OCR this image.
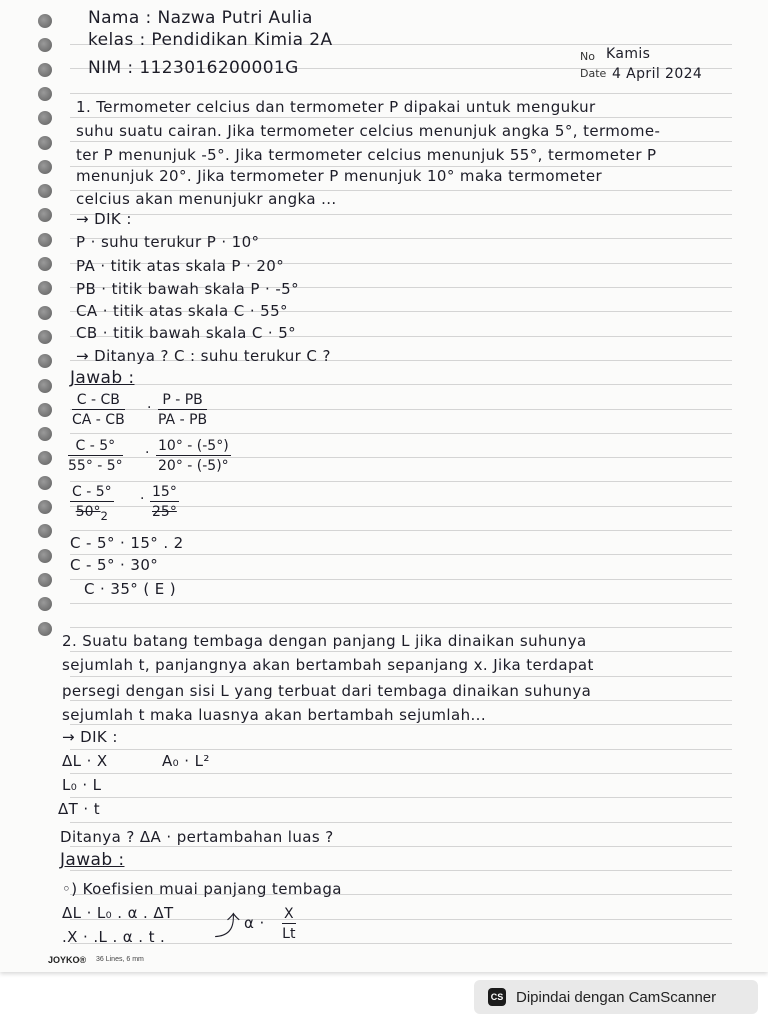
Nama : Nazwa Putri Aulia
kelas : Pendidikan Kimia 2A
NIM : 1123016200001G
No Kamis
Date 4 April 2024
1. Termometer celcius dan termometer P dipakai untuk mengukur
suhu suatu cairan. Jika termometer celcius menunjuk angka 5°, termome-
ter P menunjuk -5°. Jika termometer celcius menunjuk 55°, termometer P
menunjuk 20°. Jika termometer P menunjuk 10° maka termometer
celcius akan menunjukr angka ...
→ DIK :
P · suhu terukur P · 10°
PA · titik atas skala P · 20°
PB · titik bawah skala P · -5°
CA · titik atas skala C · 55°
CB · titik bawah skala C · 5°
→ Ditanya ? C : suhu terukur C ?
Jawab :
$\frac{C - CB}{CA - CB} \cdot \frac{P - PB}{PA - PB}$
$\frac{C - 5^\circ}{55^\circ - 5^\circ} \cdot \frac{10^\circ - (-5^\circ)}{20^\circ - (-5)^\circ}$
$\frac{C - 5^\circ}{50^\circ_2} \cdot \frac{15^\circ}{25^\circ}$
C - 5° · 15° . 2
C - 5° · 30°
C · 35° ( E )
2. Suatu batang tembaga dengan panjang L jika dinaikan suhunya
sejumlah t, panjangnya akan bertambah sepanjang x. Jika terdapat
persegi dengan sisi L yang terbuat dari tembaga dinaikan suhunya
sejumlah t maka luasnya akan bertambah sejumlah...
→ DIK :
ΔL · X	A₀ · L²
L₀ · L
ΔT · t
Ditanya ? ΔA · pertambahan luas ?
Jawab :
◦) Koefisien muai panjang tembaga
ΔL · L₀ . α . ΔT
.X · .L . α . t . ⤴ $\alpha \cdot \frac{X}{Lt}$
JOYKO® 36 Lines, 6 mm
CS Dipindai dengan CamScanner
